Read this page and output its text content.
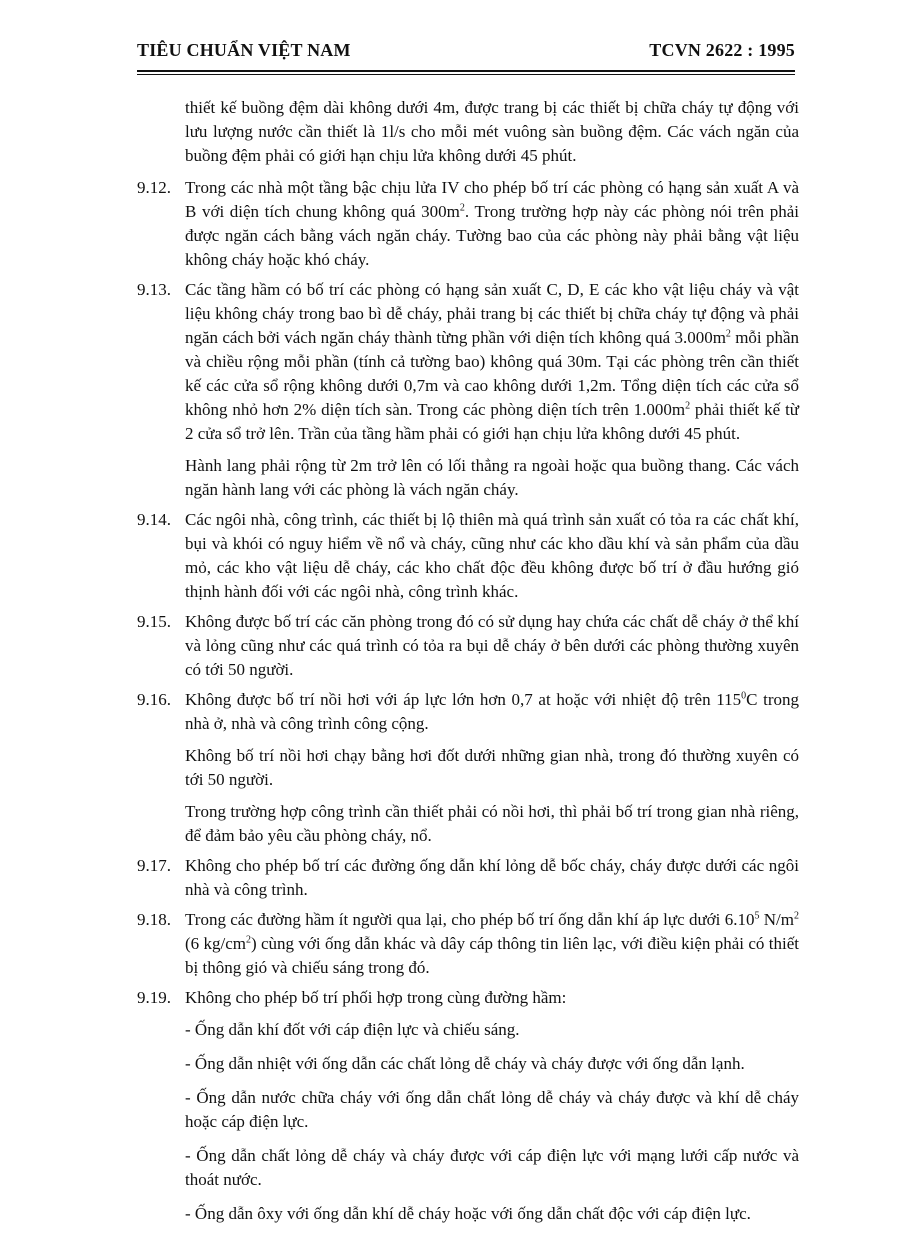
TIÊU CHUẨN VIỆT NAM	TCVN 2622 : 1995
thiết kế buồng đệm dài không dưới 4m, được trang bị các thiết bị chữa cháy tự động với lưu lượng nước cần thiết là 1l/s cho mỗi mét vuông sàn buồng đệm. Các vách ngăn của buồng đệm phải có giới hạn chịu lửa không dưới 45 phút.
9.12. Trong các nhà một tầng bậc chịu lửa IV cho phép bố trí các phòng có hạng sản xuất A và B với diện tích chung không quá $300m^2$. Trong trường hợp này các phòng nói trên phải được ngăn cách bằng vách ngăn cháy. Tường bao của các phòng này phải bằng vật liệu không cháy hoặc khó cháy.
9.13. Các tầng hầm có bố trí các phòng có hạng sản xuất C, D, E các kho vật liệu cháy và vật liệu không cháy trong bao bì dễ cháy, phải trang bị các thiết bị chữa cháy tự động và phải ngăn cách bởi vách ngăn cháy thành từng phần với diện tích không quá $3.000m^2$ mỗi phần và chiều rộng mỗi phần (tính cả tường bao) không quá 30m. Tại các phòng trên cần thiết kế các cửa sổ rộng không dưới 0,7m và cao không dưới 1,2m. Tổng diện tích các cửa sổ không nhỏ hơn 2% diện tích sàn. Trong các phòng diện tích trên $1.000m^2$ phải thiết kế từ 2 cửa sổ trở lên. Trần của tầng hầm phải có giới hạn chịu lửa không dưới 45 phút.
Hành lang phải rộng từ 2m trở lên có lối thẳng ra ngoài hoặc qua buồng thang. Các vách ngăn hành lang với các phòng là vách ngăn cháy.
9.14. Các ngôi nhà, công trình, các thiết bị lộ thiên mà quá trình sản xuất có tỏa ra các chất khí, bụi và khói có nguy hiểm về nổ và cháy, cũng như các kho dầu khí và sản phẩm của dầu mỏ, các kho vật liệu dễ cháy, các kho chất độc đều không được bố trí ở đầu hướng gió thịnh hành đối với các ngôi nhà, công trình khác.
9.15. Không được bố trí các căn phòng trong đó có sử dụng hay chứa các chất dễ cháy ở thể khí và lỏng cũng như các quá trình có tỏa ra bụi dễ cháy ở bên dưới các phòng thường xuyên có tới 50 người.
9.16. Không được bố trí nồi hơi với áp lực lớn hơn 0,7 at hoặc với nhiệt độ trên $115^0C$ trong nhà ở, nhà và công trình công cộng.
Không bố trí nồi hơi chạy bằng hơi đốt dưới những gian nhà, trong đó thường xuyên có tới 50 người.
Trong trường hợp công trình cần thiết phải có nồi hơi, thì phải bố trí trong gian nhà riêng, để đảm bảo yêu cầu phòng cháy, nổ.
9.17. Không cho phép bố trí các đường ống dẫn khí lỏng dễ bốc cháy, cháy được dưới các ngôi nhà và công trình.
9.18. Trong các đường hầm ít người qua lại, cho phép bố trí ống dẫn khí áp lực dưới 6.10$^5$ $N/m^2$ (6 $kg/cm^2$) cùng với ống dẫn khác và dây cáp thông tin liên lạc, với điều kiện phải có thiết bị thông gió và chiếu sáng trong đó.
9.19. Không cho phép bố trí phối hợp trong cùng đường hầm:
- Ống dẫn khí đốt với cáp điện lực và chiếu sáng.
- Ống dẫn nhiệt với ống dẫn các chất lỏng dễ cháy và cháy được với ống dẫn lạnh.
- Ống dẫn nước chữa cháy với ống dẫn chất lỏng dễ cháy và cháy được và khí dễ cháy hoặc cáp điện lực.
- Ống dẫn chất lỏng dễ cháy và cháy được với cáp điện lực với mạng lưới cấp nước và thoát nước.
- Ống dẫn ôxy với ống dẫn khí dễ cháy hoặc với ống dẫn chất độc với cáp điện lực.
